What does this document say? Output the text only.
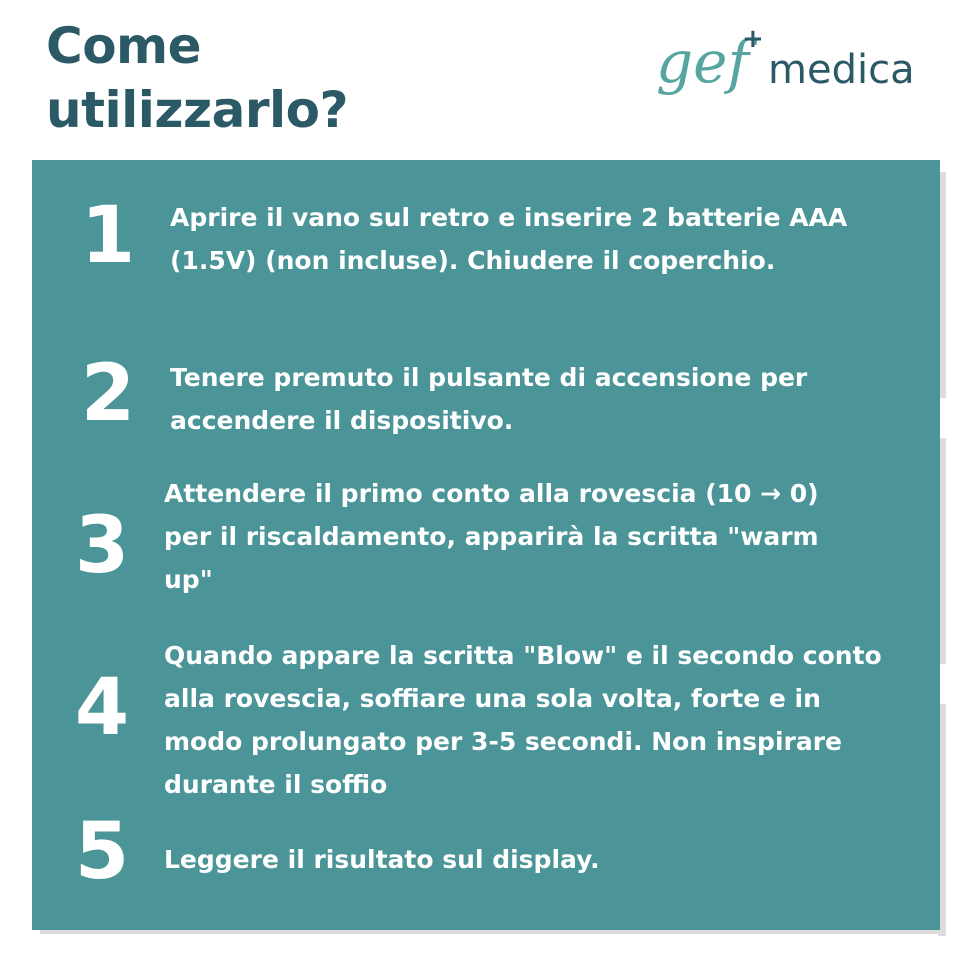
Come
utilizzarlo?
gef
+
medica
1	Aprire il vano sul retro e inserire 2 batterie AAA (1.5V) (non incluse). Chiudere il coperchio.

2	Tenere premuto il pulsante di accensione per accendere il dispositivo.

3

Attendere il primo conto alla rovescia (10 → 0) per il riscaldamento, apparirà la scritta "warm up"

4

Quando appare la scritta "Blow" e il secondo conto alla rovescia, soffiare una sola volta, forte e in modo prolungato per 3-5 secondi. Non inspirare durante il soffio

5	Leggere il risultato sul display.
